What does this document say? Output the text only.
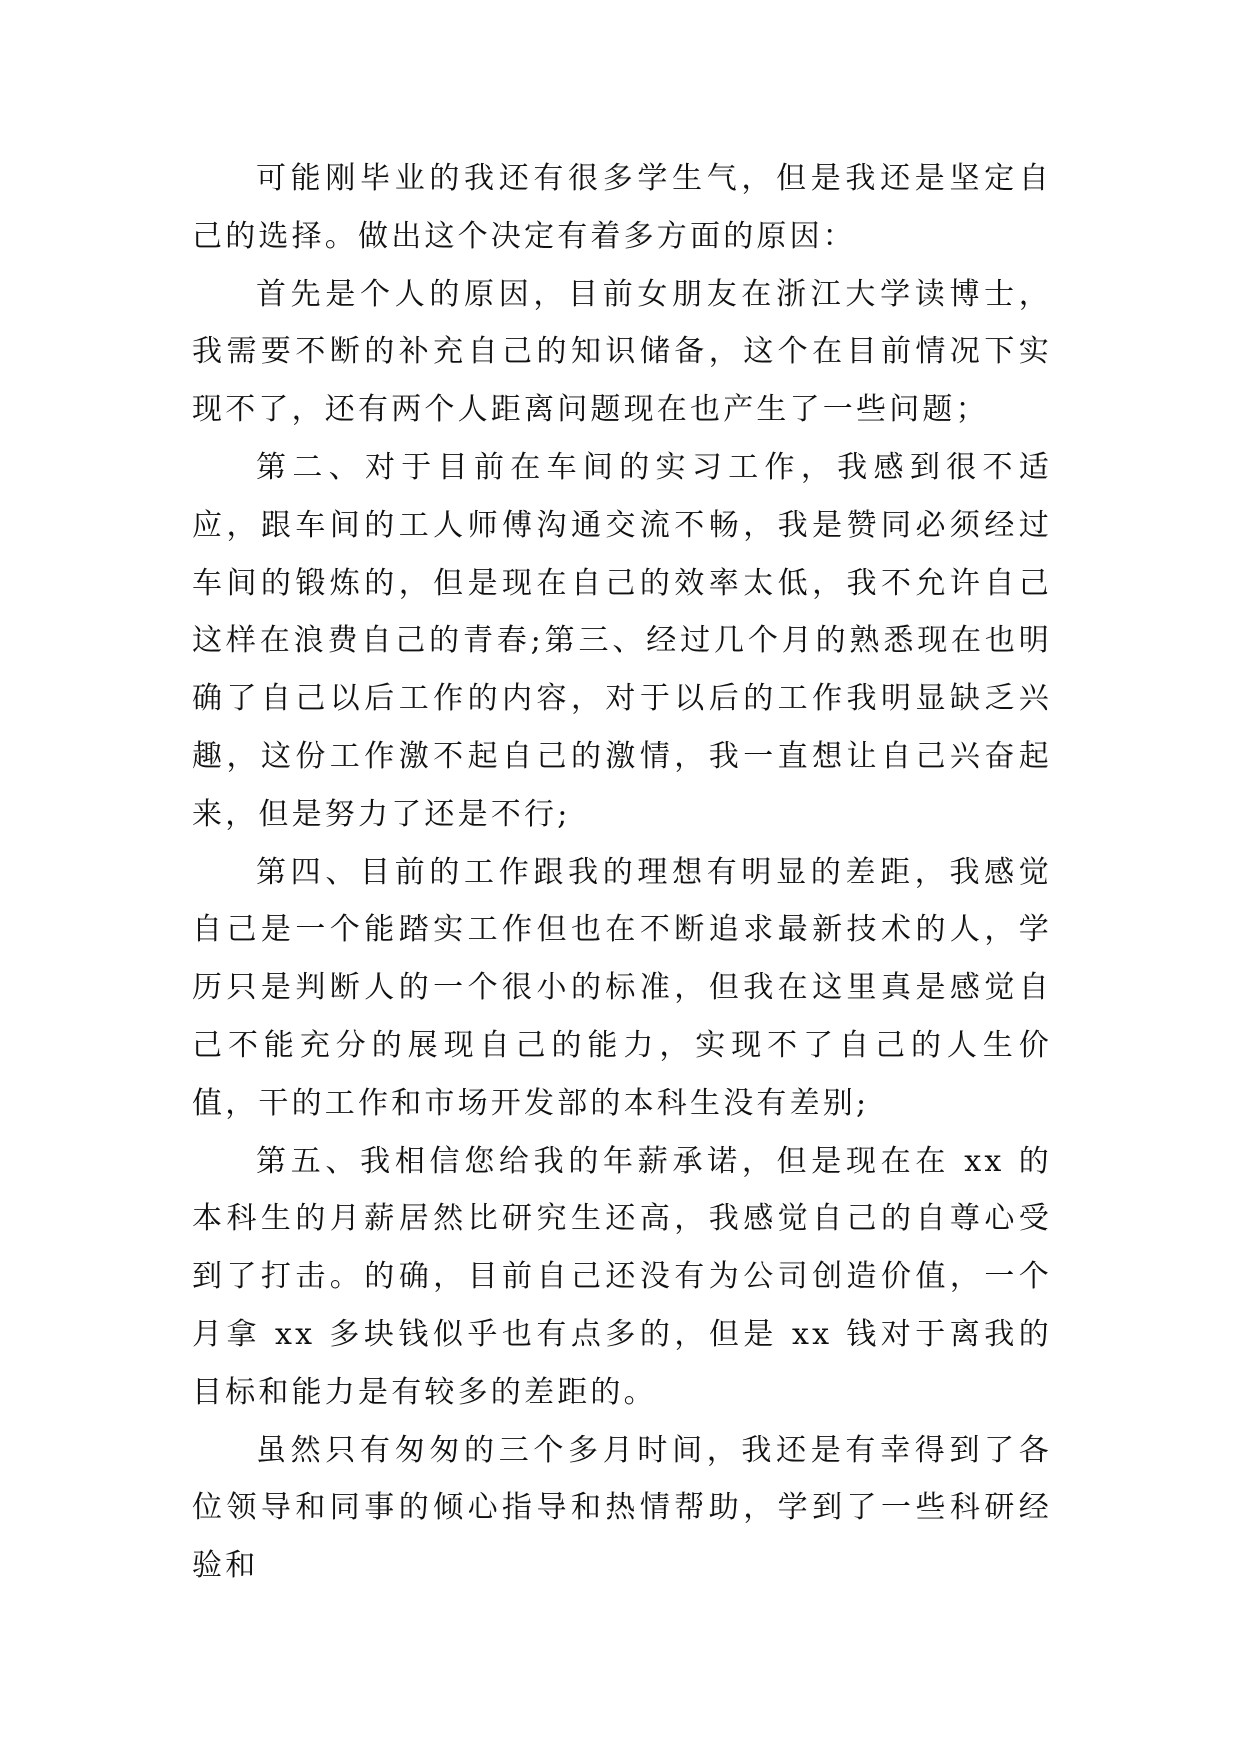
可能刚毕业的我还有很多学生气，但是我还是坚定自己的选择。做出这个决定有着多方面的原因：

首先是个人的原因，目前女朋友在浙江大学读博士，我需要不断的补充自己的知识储备，这个在目前情况下实现不了，还有两个人距离问题现在也产生了一些问题；

第二、对于目前在车间的实习工作，我感到很不适应，跟车间的工人师傅沟通交流不畅，我是赞同必须经过车间的锻炼的，但是现在自己的效率太低，我不允许自己这样在浪费自己的青春;第三、经过几个月的熟悉现在也明确了自己以后工作的内容，对于以后的工作我明显缺乏兴趣，这份工作激不起自己的激情，我一直想让自己兴奋起来，但是努力了还是不行;

第四、目前的工作跟我的理想有明显的差距，我感觉自己是一个能踏实工作但也在不断追求最新技术的人，学历只是判断人的一个很小的标准，但我在这里真是感觉自己不能充分的展现自己的能力，实现不了自己的人生价值，干的工作和市场开发部的本科生没有差别;

第五、我相信您给我的年薪承诺，但是现在在 xx 的本科生的月薪居然比研究生还高，我感觉自己的自尊心受到了打击。的确，目前自己还没有为公司创造价值，一个月拿 xx 多块钱似乎也有点多的，但是 xx 钱对于离我的目标和能力是有较多的差距的。

虽然只有匆匆的三个多月时间，我还是有幸得到了各位领导和同事的倾心指导和热情帮助，学到了一些科研经验和
